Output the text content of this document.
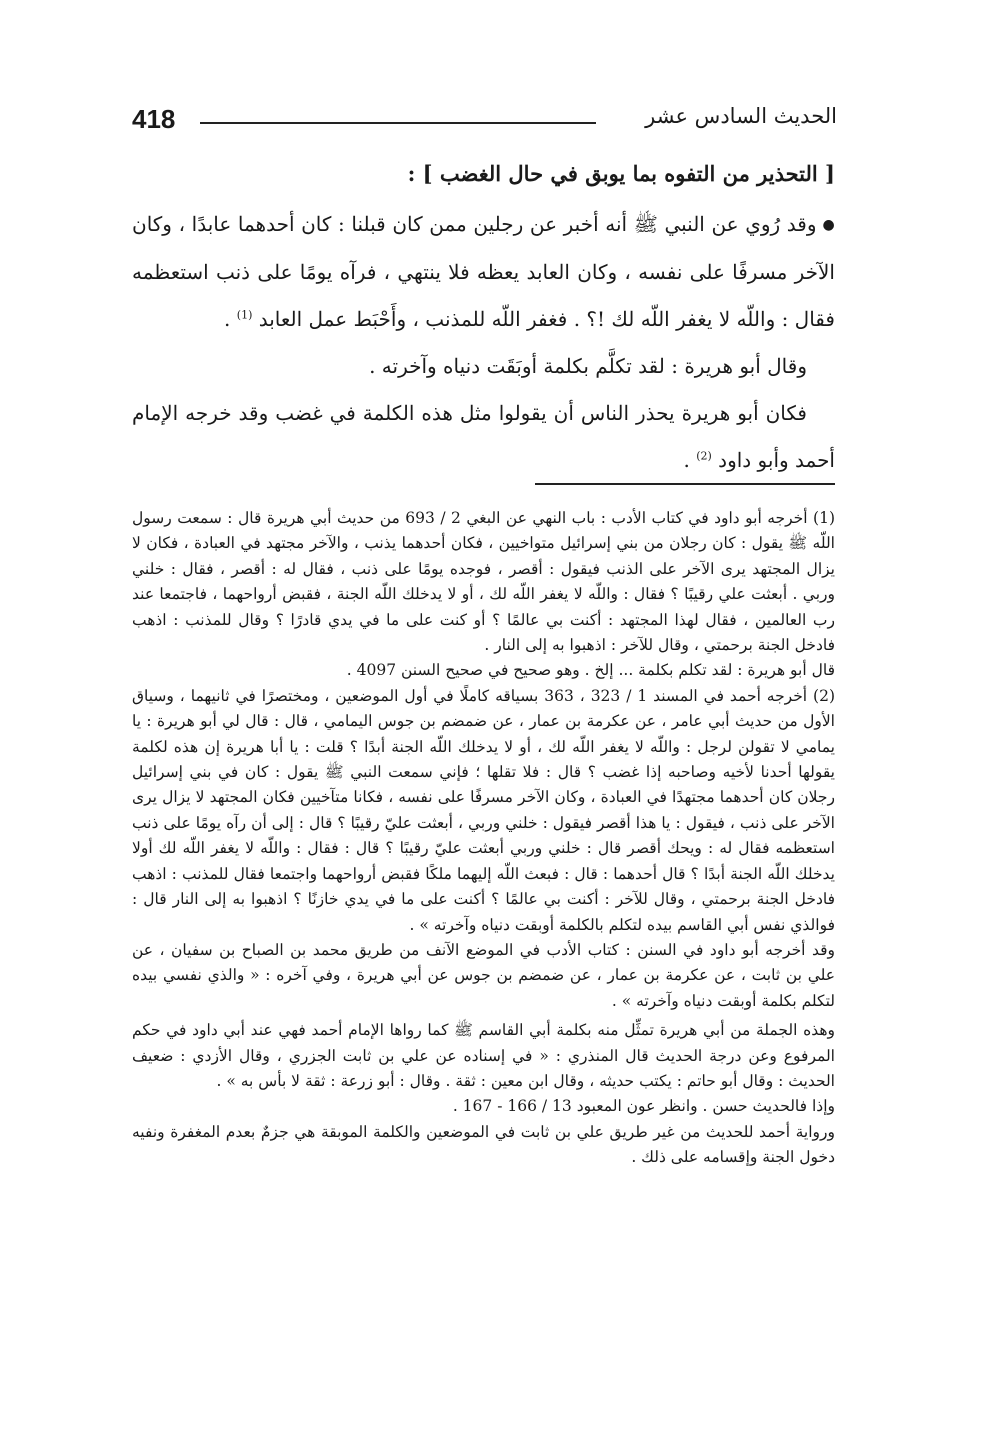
418	الحديث السادس عشر
[ التحذير من التفوه بما يوبق في حال الغضب ] :

●وقد رُوي عن النبي ﷺ أنه أخبر عن رجلين ممن كان قبلنا : كان أحدهما عابدًا ، وكان الآخر مسرفًا على نفسه ، وكان العابد يعظه فلا ينتهي ، فرآه يومًا على ذنب استعظمه فقال : واللّه لا يغفر اللّه لك !؟ . فغفر اللّه للمذنب ، وأَحْبَط عمل العابد $^{(1)}$ .

وقال أبو هريرة : لقد تكلَّم بكلمة أوبَقَت دنياه وآخرته .

فكان أبو هريرة يحذر الناس أن يقولوا مثل هذه الكلمة في غضب وقد خرجه الإمام أحمد وأبو داود $^{(2)}$ .

(1) أخرجه أبو داود في كتاب الأدب : باب النهي عن البغي 2 / 693 من حديث أبي هريرة قال : سمعت رسول اللّه ﷺ يقول : كان رجلان من بني إسرائيل متواخيين ، فكان أحدهما يذنب ، والآخر مجتهد في العبادة ، فكان لا يزال المجتهد يرى الآخر على الذنب فيقول : أقصر ، فوجده يومًا على ذنب ، فقال له : أقصر ، فقال : خلني وربي . أبعثت علي رقيبًا ؟ فقال : واللّه لا يغفر اللّه لك ، أو لا يدخلك اللّه الجنة ، فقبض أرواحهما ، فاجتمعا عند رب العالمين ، فقال لهذا المجتهد : أكنت بي عالمًا ؟ أو كنت على ما في يدي قادرًا ؟ وقال للمذنب : اذهب فادخل الجنة برحمتي ، وقال للآخر : اذهبوا به إلى النار .

قال أبو هريرة : لقد تكلم بكلمة ... إلخ . وهو صحيح في صحيح السنن 4097 .

(2) أخرجه أحمد في المسند 1 / 323 ، 363 بسياقه كاملًا في أول الموضعين ، ومختصرًا في ثانيهما ، وسياق الأول من حديث أبي عامر ، عن عكرمة بن عمار ، عن ضمضم بن جوس اليمامي ، قال : قال لي أبو هريرة : يا يمامي لا تقولن لرجل : واللّه لا يغفر اللّه لك ، أو لا يدخلك اللّه الجنة أبدًا ؟ قلت : يا أبا هريرة إن هذه لكلمة يقولها أحدنا لأخيه وصاحبه إذا غضب ؟ قال : فلا تقلها ؛ فإني سمعت النبي ﷺ يقول : كان في بني إسرائيل رجلان كان أحدهما مجتهدًا في العبادة ، وكان الآخر مسرفًا على نفسه ، فكانا متآخيين فكان المجتهد لا يزال يرى الآخر على ذنب ، فيقول : يا هذا أقصر فيقول : خلني وربي ، أبعثت عليّ رقيبًا ؟ قال : إلى أن رآه يومًا على ذنب استعظمه فقال له : ويحك أقصر قال : خلني وربي أبعثت عليّ رقيبًا ؟ قال : فقال : واللّه لا يغفر اللّه لك أولا يدخلك اللّه الجنة أبدًا ؟ قال أحدهما : قال : فبعث اللّه إليهما ملكًا فقبض أرواحهما واجتمعا فقال للمذنب : اذهب فادخل الجنة برحمتي ، وقال للآخر : أكنت بي عالمًا ؟ أكنت على ما في يدي خازنًا ؟ اذهبوا به إلى النار قال : فوالذي نفس أبي القاسم بيده لتكلم بالكلمة أوبقت دنياه وآخرته » .

وقد أخرجه أبو داود في السنن : كتاب الأدب في الموضع الآنف من طريق محمد بن الصباح بن سفيان ، عن علي بن ثابت ، عن عكرمة بن عمار ، عن ضمضم بن جوس عن أبي هريرة ، وفي آخره : « والذي نفسي بيده لتكلم بكلمة أوبقت دنياه وآخرته » .

وهذه الجملة من أبي هريرة تمثِّل منه بكلمة أبي القاسم ﷺ كما رواها الإمام أحمد فهي عند أبي داود في حكم المرفوع وعن درجة الحديث قال المنذري : « في إسناده عن علي بن ثابت الجزري ، وقال الأزدي : ضعيف الحديث : وقال أبو حاتم : يكتب حديثه ، وقال ابن معين : ثقة . وقال : أبو زرعة : ثقة لا بأس به » .

وإذا فالحديث حسن . وانظر عون المعبود 13 / 166 - 167 .

ورواية أحمد للحديث من غير طريق علي بن ثابت في الموضعين والكلمة الموبقة هي جزمٌ بعدم المغفرة ونفيه دخول الجنة وإقسامه على ذلك .
